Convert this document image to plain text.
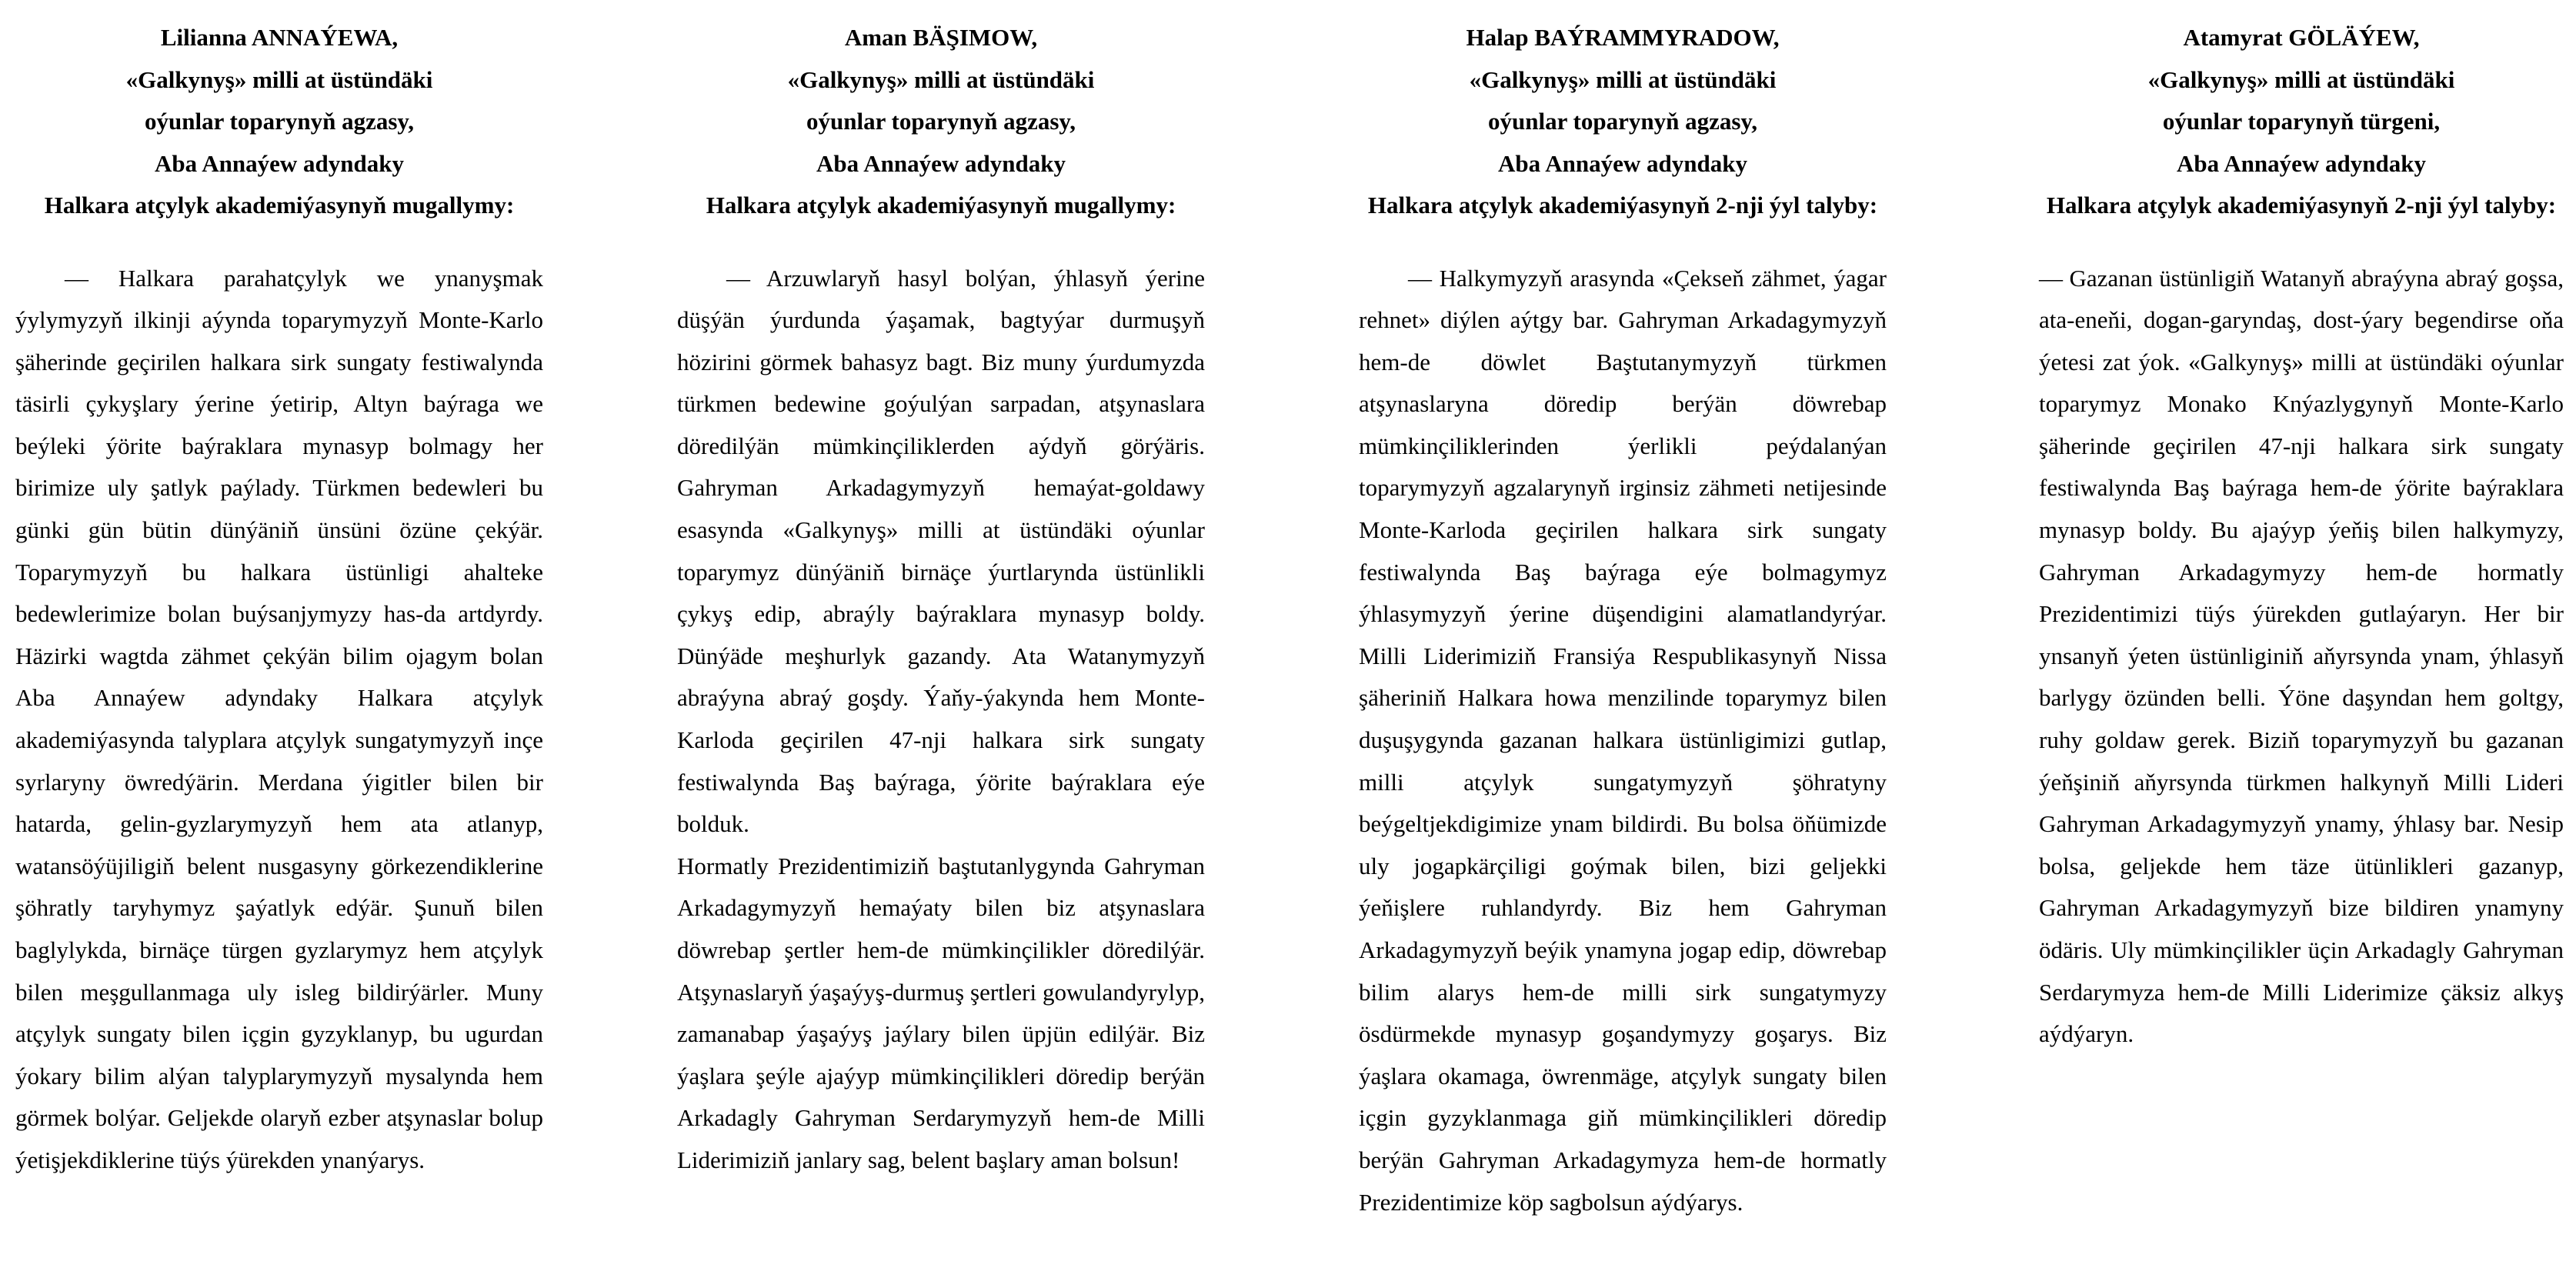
Lilianna ANNAÝEWA,
«Galkynyş» milli at üstündäki
oýunlar toparynyň agzasy,
Aba Annaýew adyndaky
Halkara atçylyk akademiýasynyň mugallymy:

— Halkara parahatçylyk we ynanyşmak ýylymyzyň ilkinji aýynda toparymyzyň Monte-Karlo şäherinde geçirilen halkara sirk sungaty festiwalynda täsirli çykyşlary ýerine ýetirip, Altyn baýraga we beýleki ýörite baýraklara mynasyp bolmagy her birimize uly şatlyk paýlady. Türkmen bedewleri bu günki gün bütin dünýäniň ünsüni özüne çekýär. Toparymyzyň bu halkara üstünligi ahalteke bedewlerimize bolan buýsanjymyzy has-da artdyrdy. Häzirki wagtda zähmet çekýän bilim ojagym bolan Aba Annaýew adyndaky Halkara atçylyk akademiýasynda talyplara atçylyk sungatymyzyň inçe syrlaryny öwredýärin. Merdana ýigitler bilen bir hatarda, gelin-gyzlarymyzyň hem ata atlanyp, watansöýüjiligiň belent nusgasyny görkezendiklerine şöhratly taryhymyz şaýatlyk edýär. Şunuň bilen baglylykda, birnäçe türgen gyzlarymyz hem atçylyk bilen meşgullanmaga uly isleg bildirýärler. Muny atçylyk sungaty bilen içgin gyzyklanyp, bu ugurdan ýokary bilim alýan talyplarymyzyň mysalynda hem görmek bolýar. Geljekde olaryň ezber atşynaslar bolup ýetişjekdiklerine tüýs ýürekden ynanýarys.

Aman BÄŞIMOW,
«Galkynyş» milli at üstündäki
oýunlar toparynyň agzasy,
Aba Annaýew adyndaky
Halkara atçylyk akademiýasynyň mugallymy:

— Arzuwlaryň hasyl bolýan, ýhlasyň ýerine düşýän ýurdunda ýaşamak, bagtyýar durmuşyň hözirini görmek bahasyz bagt. Biz muny ýurdumyzda türkmen bedewine goýulýan sarpadan, atşynaslara döredilýän mümkinçiliklerden aýdyň görýäris. Gahryman Arkadagymyzyň hemaýat-goldawy esasynda «Galkynyş» milli at üstündäki oýunlar toparymyz dünýäniň birnäçe ýurtlarynda üstünlikli çykyş edip, abraýly baýraklara mynasyp boldy. Dünýäde meşhurlyk gazandy. Ata Watanymyzyň abraýyna abraý goşdy. Ýaňy-ýakynda hem Monte-Karloda geçirilen 47-nji halkara sirk sungaty festiwalynda Baş baýraga, ýörite baýraklara eýe bolduk.

Hormatly Prezidentimiziň baştutanlygynda Gahryman Arkadagymyzyň hemaýaty bilen biz atşynaslara döwrebap şertler hem-de mümkinçilikler döredilýär. Atşynaslaryň ýaşaýyş-durmuş şertleri gowulandyrylyp, zamanabap ýaşaýyş jaýlary bilen üpjün edilýär. Biz ýaşlara şeýle ajaýyp mümkinçilikleri döredip berýän Arkadagly Gahryman Serdarymyzyň hem-de Milli Liderimiziň janlary sag, belent başlary aman bolsun!

Halap BAÝRAMMYRADOW,
«Galkynyş» milli at üstündäki
oýunlar toparynyň agzasy,
Aba Annaýew adyndaky
Halkara atçylyk akademiýasynyň 2-nji ýyl talyby:

— Halkymyzyň arasynda «Çekseň zähmet, ýagar rehnet» diýlen aýtgy bar. Gahryman Arkadagymyzyň hem-de döwlet Baştutanymyzyň türkmen atşynaslaryna döredip berýän döwrebap mümkinçiliklerinden ýerlikli peýdalanýan toparymyzyň agzalarynyň irginsiz zähmeti netijesinde Monte-Karloda geçirilen halkara sirk sungaty festiwalynda Baş baýraga eýe bolmagymyz ýhlasymyzyň ýerine düşendigini alamatlandyrýar. Milli Liderimiziň Fransiýa Respublikasynyň Nissa şäheriniň Halkara howa menzilinde toparymyz bilen duşuşygynda gazanan halkara üstünligimizi gutlap, milli atçylyk sungatymyzyň şöhratyny beýgeltjekdigimize ynam bildirdi. Bu bolsa öňümizde uly jogapkärçiligi goýmak bilen, bizi geljekki ýeňişlere ruhlandyrdy. Biz hem Gahryman Arkadagymyzyň beýik ynamyna jogap edip, döwrebap bilim alarys hem-de milli sirk sungatymyzy ösdürmekde mynasyp goşandymyzy goşarys. Biz ýaşlara okamaga, öwrenmäge, atçylyk sungaty bilen içgin gyzyklanmaga giň mümkinçilikleri döredip berýän Gahryman Arkadagymyza hem-de hormatly Prezidentimize köp sagbolsun aýdýarys.

Atamyrat GÖLÄÝEW,
«Galkynyş» milli at üstündäki
oýunlar toparynyň türgeni,
Aba Annaýew adyndaky
Halkara atçylyk akademiýasynyň 2-nji ýyl talyby:

— Gazanan üstünligiň Watanyň abraýyna abraý goşsa, ata-eneňi, dogan-garyndaş, dost-ýary begendirse oňa ýetesi zat ýok. «Galkynyş» milli at üstündäki oýunlar toparymyz Monako Knýazlygynyň Monte-Karlo şäherinde geçirilen 47-nji halkara sirk sungaty festiwalynda Baş baýraga hem-de ýörite baýraklara mynasyp boldy. Bu ajaýyp ýeňiş bilen halkymyzy, Gahryman Arkadagymyzy hem-de hormatly Prezidentimizi tüýs ýürekden gutlaýaryn. Her bir ynsanyň ýeten üstünliginiň aňyrsynda ynam, ýhlasyň barlygy özünden belli. Ýöne daşyndan hem goltgy, ruhy goldaw gerek. Biziň toparymyzyň bu gazanan ýeňşiniň aňyrsynda türkmen halkynyň Milli Lideri Gahryman Arkadagymyzyň ynamy, ýhlasy bar. Nesip bolsa, geljekde hem täze ütünlikleri gazanyp, Gahryman Arkadagymyzyň bize bildiren ynamyny ödäris. Uly mümkinçilikler üçin Arkadagly Gahryman Serdarymyza hem-de Milli Liderimize çäksiz alkyş aýdýaryn.
